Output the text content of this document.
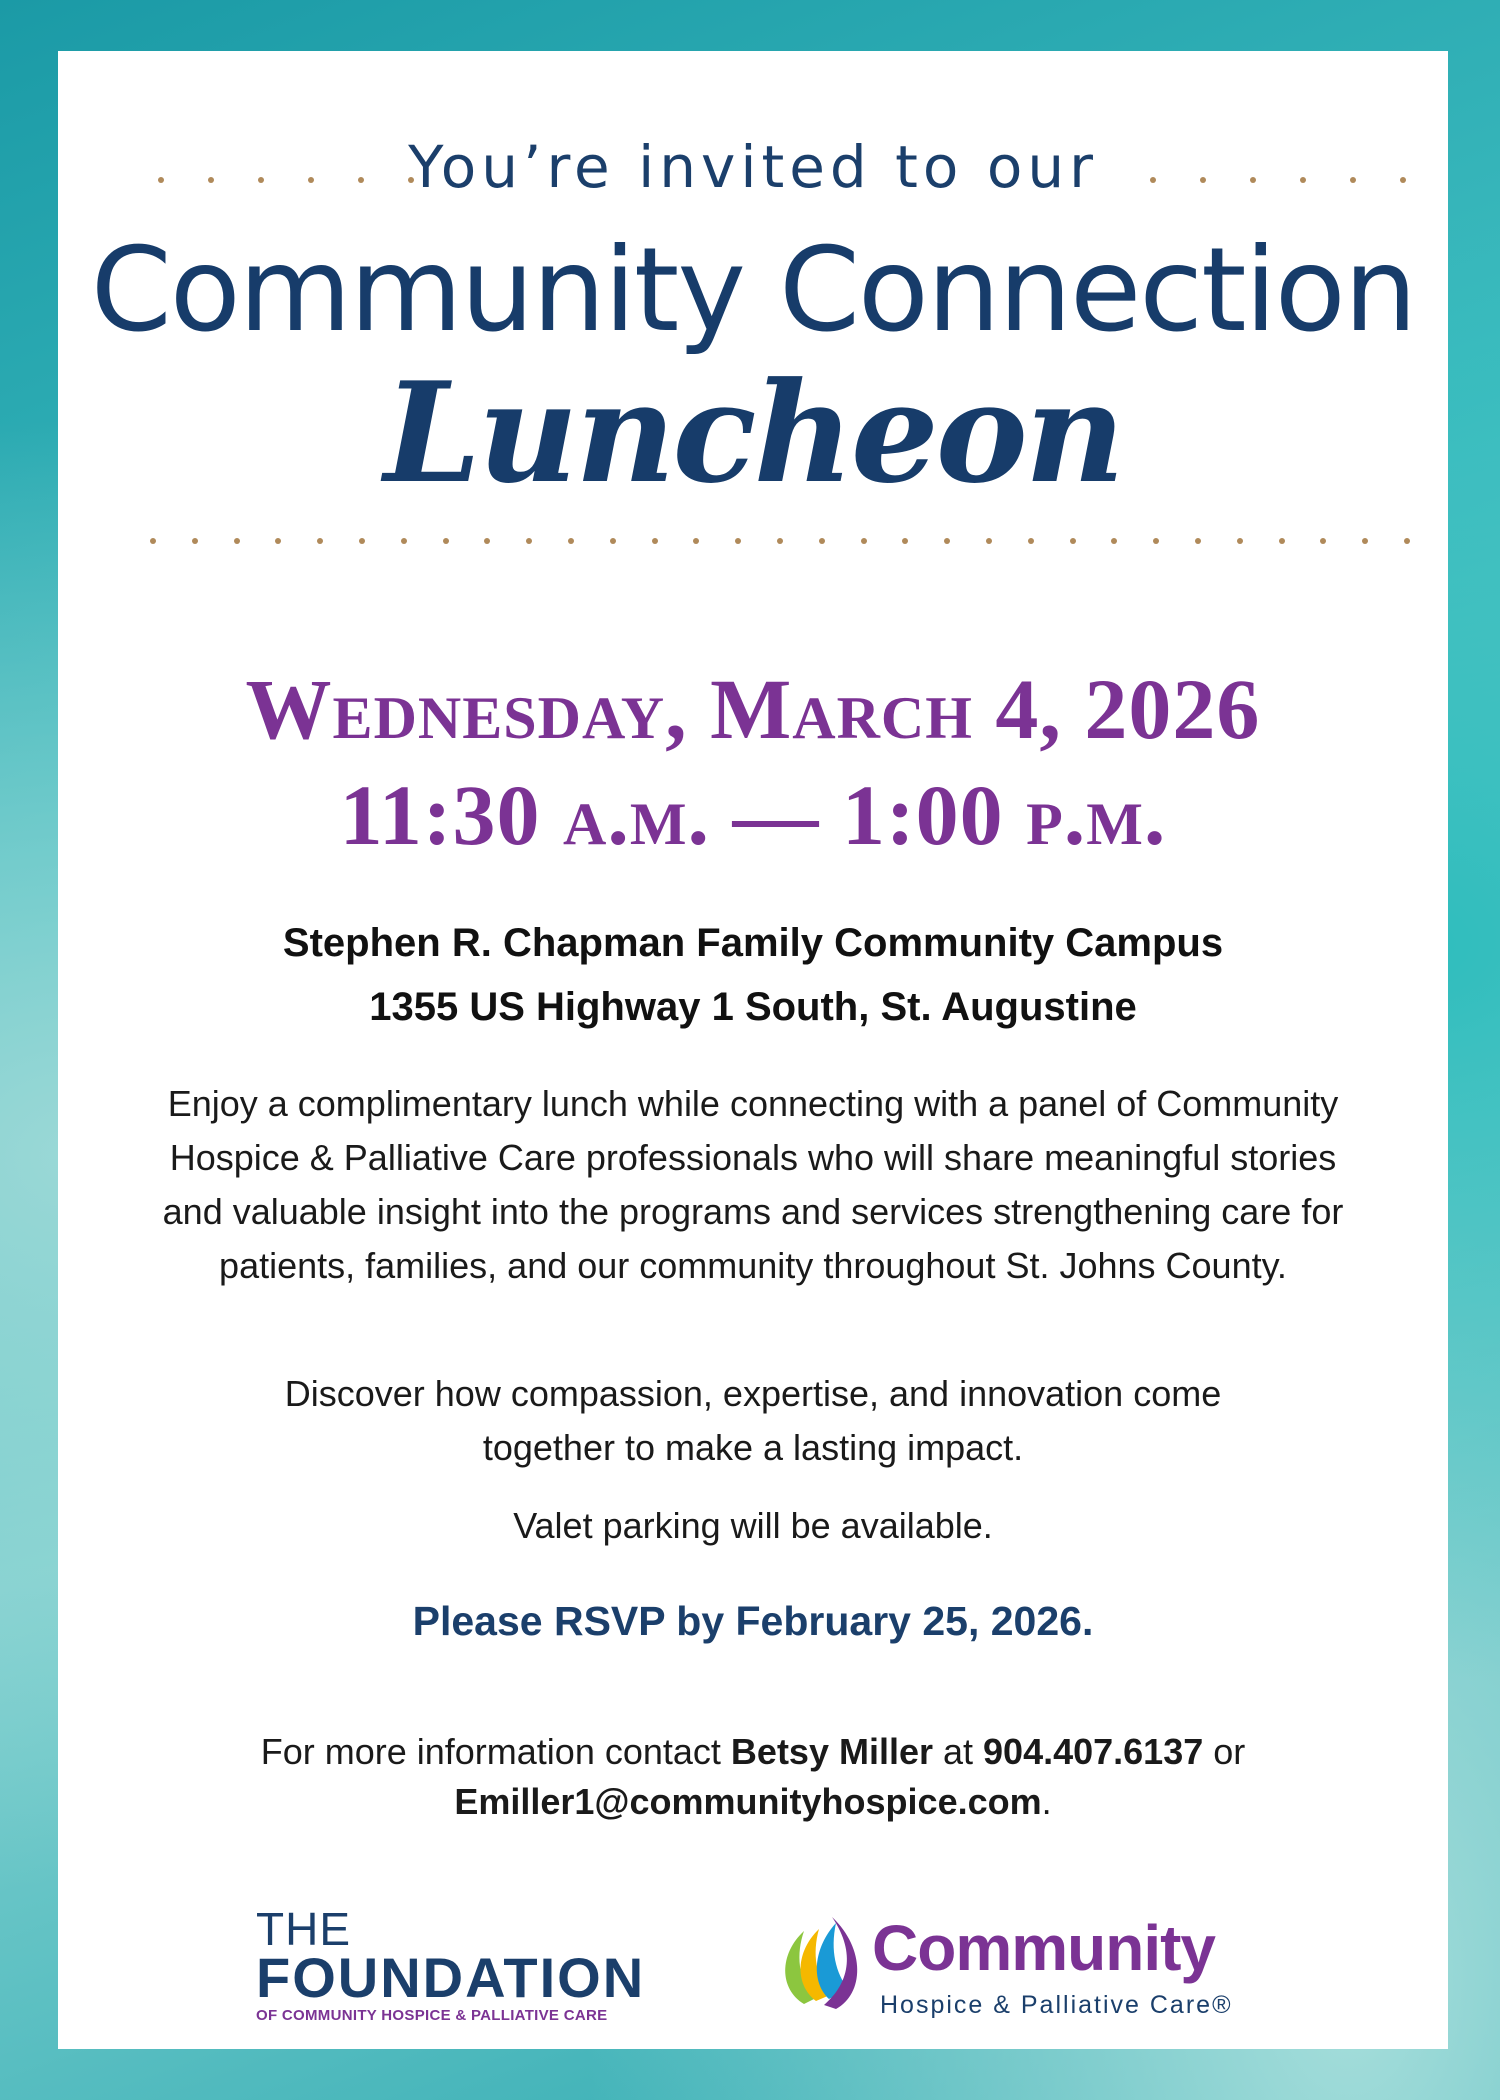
You’re invited to our
Community Connection
Luncheon
Wednesday, March 4, 2026
11:30 a.m. — 1:00 p.m.
Stephen R. Chapman Family Community Campus
1355 US Highway 1 South, St. Augustine
Enjoy a complimentary lunch while connecting with a panel of Community Hospice & Palliative Care professionals who will share meaningful stories and valuable insight into the programs and services strengthening care for patients, families, and our community throughout St. Johns County.
Discover how compassion, expertise, and innovation come together to make a lasting impact.
Valet parking will be available.
Please RSVP by February 25, 2026.
For more information contact Betsy Miller at 904.407.6137 or
Emiller1@communityhospice.com.
THE
FOUNDATION
OF COMMUNITY HOSPICE & PALLIATIVE CARE
Community
Hospice & Palliative Care®
